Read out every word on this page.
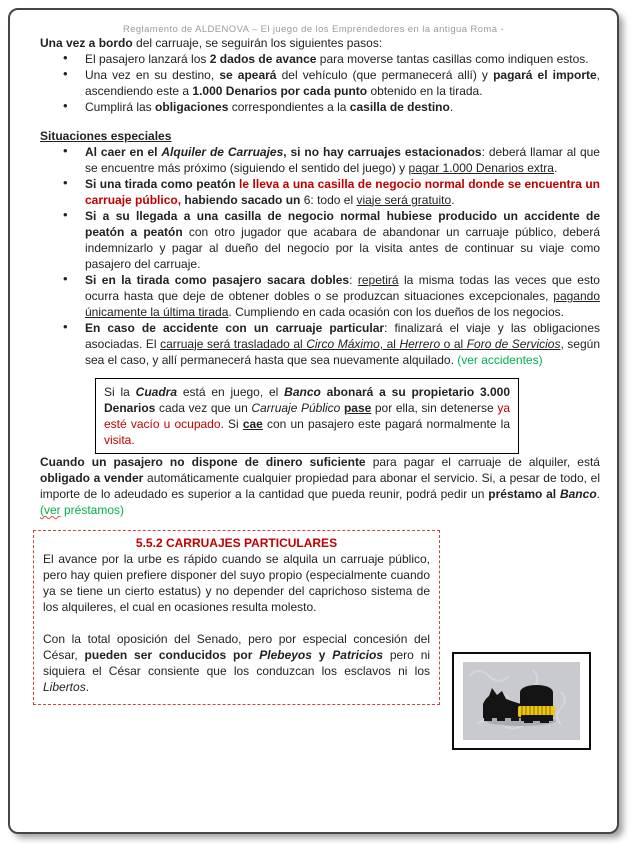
Reglamento de ALDENOVA – El juego de los Emprendedores en la antigua Roma -

Una vez a bordo del carruaje, se seguirán los siguientes pasos:

• El pasajero lanzará los 2 dados de avance para moverse tantas casillas como indiquen estos.
• Una vez en su destino, se apeará del vehículo (que permanecerá allí) y pagará el importe, ascendiendo este a 1.000 Denarios por cada punto obtenido en la tirada.
• Cumplirá las obligaciones correspondientes a la casilla de destino.
Situaciones especiales
• Al caer en el Alquiler de Carruajes, si no hay carruajes estacionados: deberá llamar al que se encuentre más próximo (siguiendo el sentido del juego) y pagar 1.000 Denarios extra.
• Si una tirada como peatón le lleva a una casilla de negocio normal donde se encuentra un carruaje público, habiendo sacado un 6: todo el viaje será gratuito.
• Si a su llegada a una casilla de negocio normal hubiese producido un accidente de peatón a peatón con otro jugador que acabara de abandonar un carruaje público, deberá indemnizarlo y pagar al dueño del negocio por la visita antes de continuar su viaje como pasajero del carruaje.
• Si en la tirada como pasajero sacara dobles: repetirá la misma todas las veces que esto ocurra hasta que deje de obtener dobles o se produzcan situaciones excepcionales, pagando únicamente la última tirada. Cumpliendo en cada ocasión con los dueños de los negocios.
• En caso de accidente con un carruaje particular: finalizará el viaje y las obligaciones asociadas. El carruaje será trasladado al Circo Máximo, al Herrero o al Foro de Servicios, según sea el caso, y allí permanecerá hasta que sea nuevamente alquilado. (ver accidentes)

Si la Cuadra está en juego, el Banco abonará a su propietario 3.000 Denarios cada vez que un Carruaje Público pase por ella, sin detenerse ya esté vacío u ocupado. Si cae con un pasajero este pagará normalmente la visita.

Cuando un pasajero no dispone de dinero suficiente para pagar el carruaje de alquiler, está obligado a vender automáticamente cualquier propiedad para abonar el servicio. Si, a pesar de todo, el importe de lo adeudado es superior a la cantidad que pueda reunir, podrá pedir un préstamo al Banco. (ver préstamos)

5.5.2 CARRUAJES PARTICULARES

El avance por la urbe es rápido cuando se alquila un carruaje público, pero hay quien prefiere disponer del suyo propio (especialmente cuando ya se tiene un cierto estatus) y no depender del caprichoso sistema de los alquileres, el cual en ocasiones resulta molesto.

Con la total oposición del Senado, pero por especial concesión del César, pueden ser conducidos por Plebeyos y Patricios pero ni siquiera el César consiente que los conduzcan los esclavos ni los Libertos.
